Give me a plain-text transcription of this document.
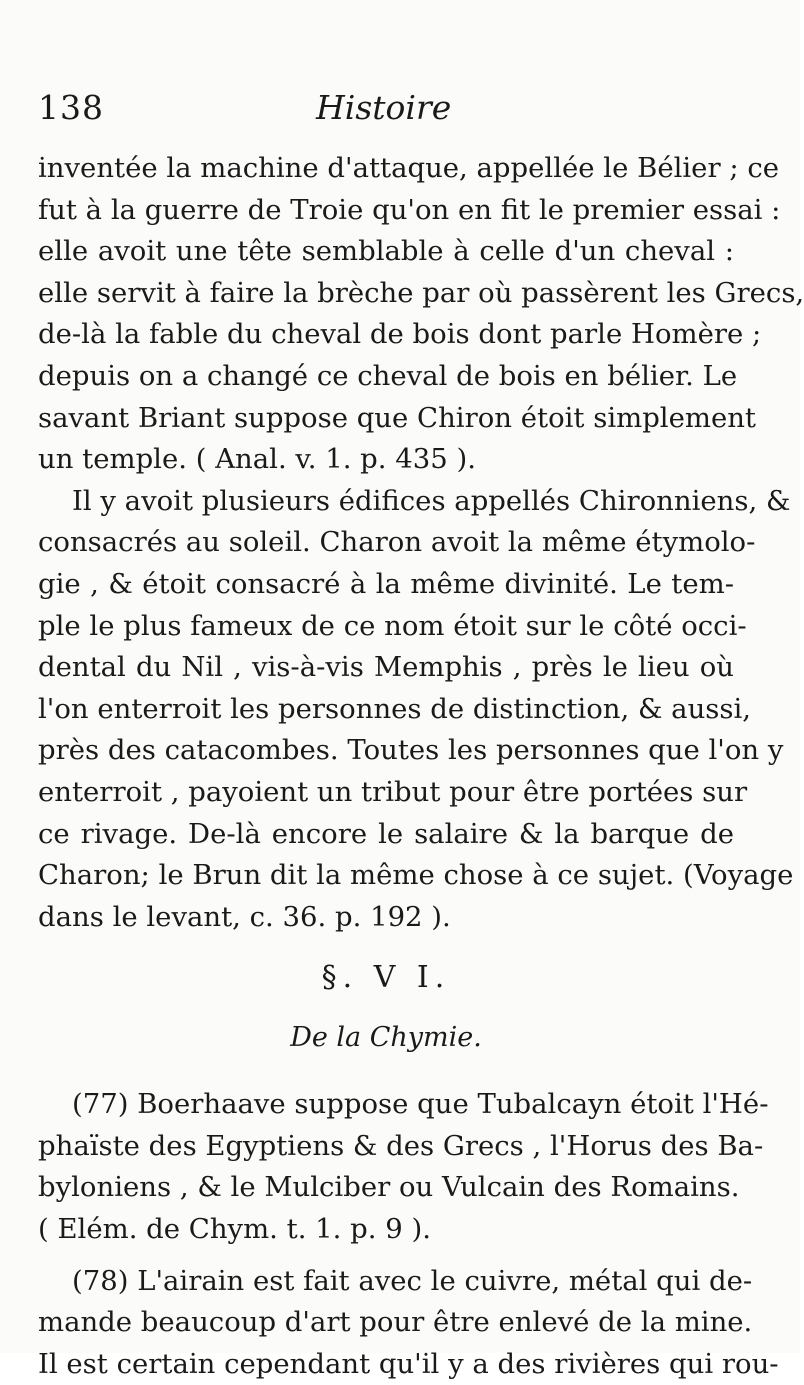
138	Histoire
inventée la machine d'attaque, appellée le Bélier ; ce
fut à la guerre de Troie qu'on en fit le premier essai :
elle avoit une tête semblable à celle d'un cheval :
elle servit à faire la brèche par où passèrent les Grecs,
de-là la fable du cheval de bois dont parle Homère ;
depuis on a changé ce cheval de bois en bélier. Le
savant Briant suppose que Chiron étoit simplement
un temple. ( Anal. v. 1. p. 435 ).
Il y avoit plusieurs édifices appellés Chironniens, &
consacrés au soleil. Charon avoit la même étymolo-
gie , & étoit consacré à la même divinité. Le tem-
ple le plus fameux de ce nom étoit sur le côté occi-
dental du Nil , vis-à-vis Memphis , près le lieu où
l'on enterroit les personnes de distinction, & aussi,
près des catacombes. Toutes les personnes que l'on y
enterroit , payoient un tribut pour être portées sur
ce rivage. De-là encore le salaire & la barque de
Charon; le Brun dit la même chose à ce sujet. (Voyage
dans le levant, c. 36. p. 192 ).
§. V I.
De la Chymie.
(77) Boerhaave suppose que Tubalcayn étoit l'Hé-
phaïste des Egyptiens & des Grecs , l'Horus des Ba-
byloniens , & le Mulciber ou Vulcain des Romains.
( Elém. de Chym. t. 1. p. 9 ).
(78) L'airain est fait avec le cuivre, métal qui de-
mande beaucoup d'art pour être enlevé de la mine.
Il est certain cependant qu'il y a des rivières qui rou-
